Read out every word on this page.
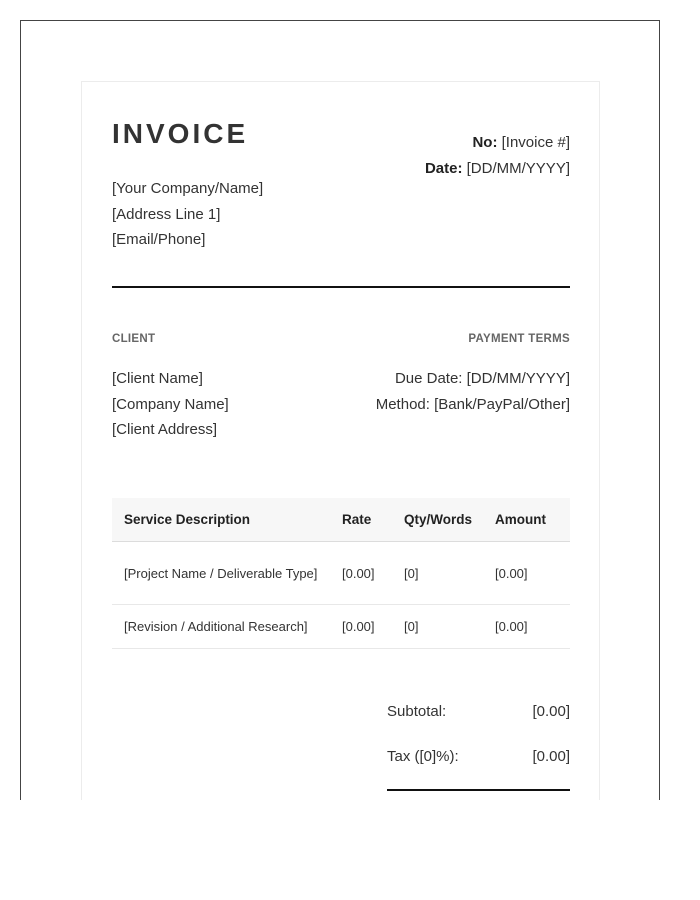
INVOICE
[Your Company/Name]
[Address Line 1]
[Email/Phone]
No: [Invoice #]
Date: [DD/MM/YYYY]
CLIENT	PAYMENT TERMS
[Client Name]
[Company Name]
[Client Address]
Due Date: [DD/MM/YYYY]
Method: [Bank/PayPal/Other]
Service Description	Rate	Qty/Words	Amount
[Project Name / Deliverable Type]	[0.00]	[0]	[0.00]
[Revision / Additional Research]	[0.00]	[0]	[0.00]
Subtotal:	[0.00]
Tax ([0]%):	[0.00]
